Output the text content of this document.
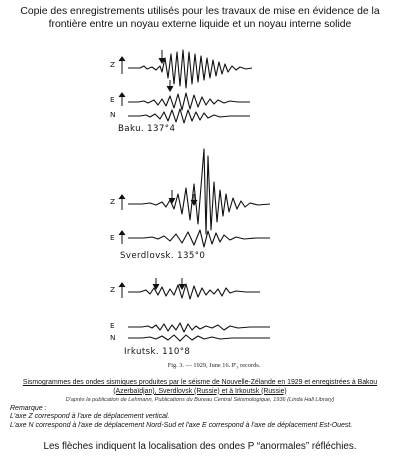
Copie des enregistrements utilisés pour les travaux de mise en évidence de la frontière entre un noyau externe liquide et un noyau interne solide
Z
E
N
Baku. 137°4
Z
E
Sverdlovsk. 135°0
Z
E
N
Irkutsk. 110°8
Fig. 3. — 1929, June 16. P'₃ records.
Sismogrammes des ondes sismiques produites par le séisme de Nouvelle-Zélande en 1929 et enregistrées à Bakou (Azerbaïdjan), Sverdlovsk (Russie) et à Irkoutsk (Russie)
D'après la publication de Lehmann, Publications du Bureau Central Séismologique, 1936 (Linda Hall Library)
Remarque :
L'axe Z correspond à l'axe de déplacement vertical.
L'axe N correspond à l'axe de déplacement Nord-Sud et l'axe E correspond à l'axe de déplacement Est-Ouest.
Les flèches indiquent la localisation des ondes P “anormales” réfléchies.
